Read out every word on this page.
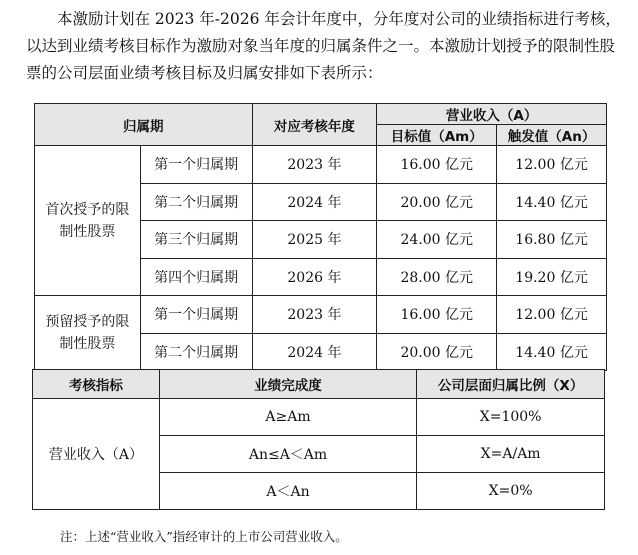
本激励计划在 2023 年-2026 年会计年度中，分年度对公司的业绩指标进行考核，以达到业绩考核目标作为激励对象当年度的归属条件之一。本激励计划授予的限制性股票的公司层面业绩考核目标及归属安排如下表所示：

归属期		对应考核年度	营业收入（A）	
			目标值（Am）	触发值（An）
首次授予的限制性股票	第一个归属期	2023 年	16.00 亿元	12.00 亿元
	第二个归属期	2024 年	20.00 亿元	14.40 亿元
	第三个归属期	2025 年	24.00 亿元	16.80 亿元
	第四个归属期	2026 年	28.00 亿元	19.20 亿元
预留授予的限制性股票	第一个归属期	2023 年	16.00 亿元	12.00 亿元
	第二个归属期	2024 年	20.00 亿元	14.40 亿元
考核指标	业绩完成度	公司层面归属比例（X）
营业收入（A）	A≥Am	X=100%
	An≤A＜Am	X=A/Am
	A＜An	X=0%
注：上述“营业收入”指经审计的上市公司营业收入。
